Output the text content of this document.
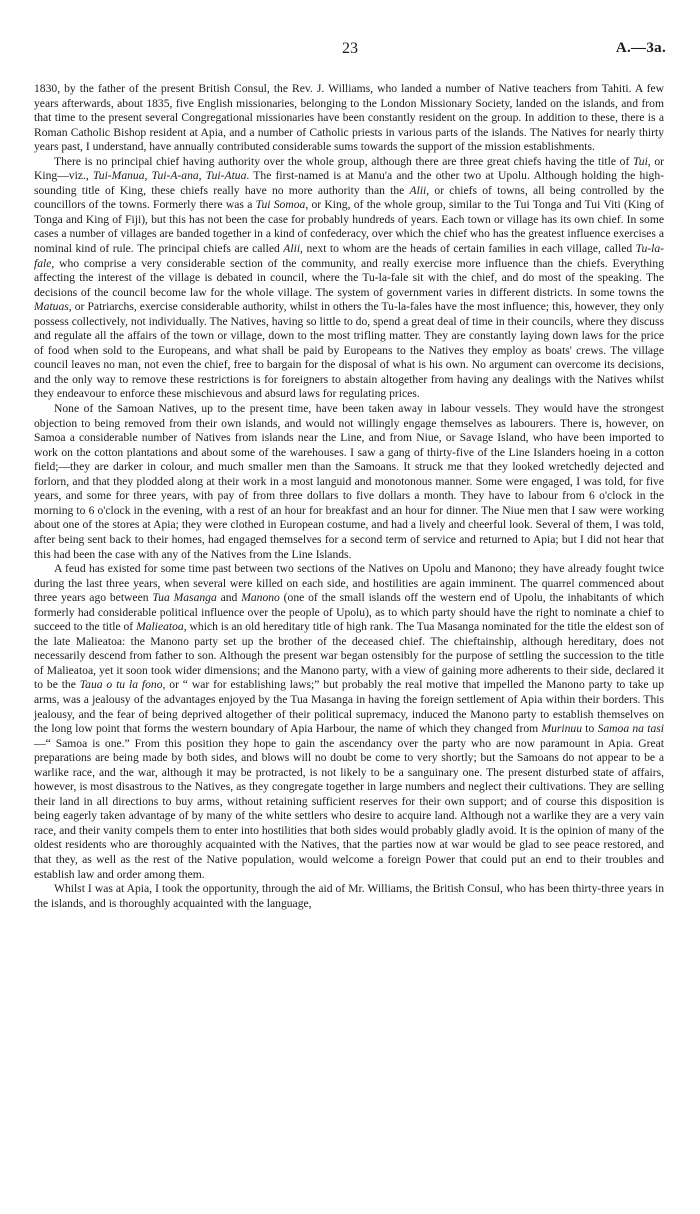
23	A.—3a.

1830, by the father of the present British Consul, the Rev. J. Williams, who landed a number of Native teachers from Tahiti. A few years afterwards, about 1835, five English missionaries, belonging to the London Missionary Society, landed on the islands, and from that time to the present several Congregational missionaries have been constantly resident on the group. In addition to these, there is a Roman Catholic Bishop resident at Apia, and a number of Catholic priests in various parts of the islands. The Natives for nearly thirty years past, I understand, have annually contributed considerable sums towards the support of the mission establishments.

There is no principal chief having authority over the whole group, although there are three great chiefs having the title of Tui, or King—viz., Tui-Manua, Tui-A-ana, Tui-Atua. The first-named is at Manu'a and the other two at Upolu. Although holding the high-sounding title of King, these chiefs really have no more authority than the Alii, or chiefs of towns, all being controlled by the councillors of the towns. Formerly there was a Tui Somoa, or King, of the whole group, similar to the Tui Tonga and Tui Viti (King of Tonga and King of Fiji), but this has not been the case for probably hundreds of years. Each town or village has its own chief. In some cases a number of villages are banded together in a kind of confederacy, over which the chief who has the greatest influence exercises a nominal kind of rule. The principal chiefs are called Alii, next to whom are the heads of certain families in each village, called Tu-la-fale, who comprise a very considerable section of the community, and really exercise more influence than the chiefs. Everything affecting the interest of the village is debated in council, where the Tu-la-fale sit with the chief, and do most of the speaking. The decisions of the council become law for the whole village. The system of government varies in different districts. In some towns the Matuas, or Patriarchs, exercise considerable authority, whilst in others the Tu-la-fales have the most influence; this, however, they only possess collectively, not individually. The Natives, having so little to do, spend a great deal of time in their councils, where they discuss and regulate all the affairs of the town or village, down to the most trifling matter. They are constantly laying down laws for the price of food when sold to the Europeans, and what shall be paid by Europeans to the Natives they employ as boats' crews. The village council leaves no man, not even the chief, free to bargain for the disposal of what is his own. No argument can overcome its decisions, and the only way to remove these restrictions is for foreigners to abstain altogether from having any dealings with the Natives whilst they endeavour to enforce these mischievous and absurd laws for regulating prices.

None of the Samoan Natives, up to the present time, have been taken away in labour vessels. They would have the strongest objection to being removed from their own islands, and would not willingly engage themselves as labourers. There is, however, on Samoa a considerable number of Natives from islands near the Line, and from Niue, or Savage Island, who have been imported to work on the cotton plantations and about some of the warehouses. I saw a gang of thirty-five of the Line Islanders hoeing in a cotton field;—they are darker in colour, and much smaller men than the Samoans. It struck me that they looked wretchedly dejected and forlorn, and that they plodded along at their work in a most languid and monotonous manner. Some were engaged, I was told, for five years, and some for three years, with pay of from three dollars to five dollars a month. They have to labour from 6 o'clock in the morning to 6 o'clock in the evening, with a rest of an hour for breakfast and an hour for dinner. The Niue men that I saw were working about one of the stores at Apia; they were clothed in European costume, and had a lively and cheerful look. Several of them, I was told, after being sent back to their homes, had engaged themselves for a second term of service and returned to Apia; but I did not hear that this had been the case with any of the Natives from the Line Islands.

A feud has existed for some time past between two sections of the Natives on Upolu and Manono; they have already fought twice during the last three years, when several were killed on each side, and hostilities are again imminent. The quarrel commenced about three years ago between Tua Masanga and Manono (one of the small islands off the western end of Upolu, the inhabitants of which formerly had considerable political influence over the people of Upolu), as to which party should have the right to nominate a chief to succeed to the title of Malieatoa, which is an old hereditary title of high rank. The Tua Masanga nominated for the title the eldest son of the late Malieatoa: the Manono party set up the brother of the deceased chief. The chieftainship, although hereditary, does not necessarily descend from father to son. Although the present war began ostensibly for the purpose of settling the succession to the title of Malieatoa, yet it soon took wider dimensions; and the Manono party, with a view of gaining more adherents to their side, declared it to be the Taua o tu la fono, or “ war for establishing laws;” but probably the real motive that impelled the Manono party to take up arms, was a jealousy of the advantages enjoyed by the Tua Masanga in having the foreign settlement of Apia within their borders. This jealousy, and the fear of being deprived altogether of their political supremacy, induced the Manono party to establish themselves on the long low point that forms the western boundary of Apia Harbour, the name of which they changed from Murinuu to Samoa na tasi—“ Samoa is one.” From this position they hope to gain the ascendancy over the party who are now paramount in Apia. Great preparations are being made by both sides, and blows will no doubt be come to very shortly; but the Samoans do not appear to be a warlike race, and the war, although it may be protracted, is not likely to be a sanguinary one. The present disturbed state of affairs, however, is most disastrous to the Natives, as they congregate together in large numbers and neglect their cultivations. They are selling their land in all directions to buy arms, without retaining sufficient reserves for their own support; and of course this disposition is being eagerly taken advantage of by many of the white settlers who desire to acquire land. Although not a warlike they are a very vain race, and their vanity compels them to enter into hostilities that both sides would probably gladly avoid. It is the opinion of many of the oldest residents who are thoroughly acquainted with the Natives, that the parties now at war would be glad to see peace restored, and that they, as well as the rest of the Native population, would welcome a foreign Power that could put an end to their troubles and establish law and order among them.

Whilst I was at Apia, I took the opportunity, through the aid of Mr. Williams, the British Consul, who has been thirty-three years in the islands, and is thoroughly acquainted with the language,
